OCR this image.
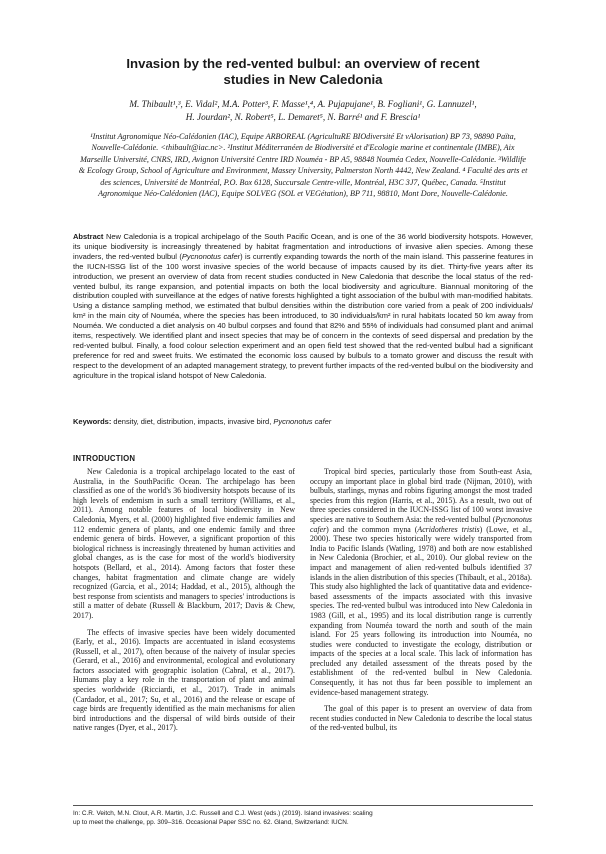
Invasion by the red-vented bulbul: an overview of recent
studies in New Caledonia
M. Thibault¹,³, E. Vidal², M.A. Potter³, F. Masse¹,⁴, A. Pujapujane¹, B. Fogliani¹, G. Lannuzel¹,
H. Jourdan², N. Robert⁵, L. Demaret⁵, N. Barré¹ and F. Brescia¹
¹Institut Agronomique Néo-Calédonien (IAC), Equipe ARBOREAL (AgricultuRE BIOdiversité Et vAlorisation) BP 73, 98890 Païta, Nouvelle-Calédonie. <thibault@iac.nc>. ²Institut Méditerranéen de Biodiversité et d'Ecologie marine et continentale (IMBE), Aix Marseille Université, CNRS, IRD, Avignon Université Centre IRD Nouméa - BP A5, 98848 Nouméa Cedex, Nouvelle-Calédonie. ³Wildlife & Ecology Group, School of Agriculture and Environment, Massey University, Palmerston North 4442, New Zealand. ⁴ Faculté des arts et des sciences, Université de Montréal, P.O. Box 6128, Succursale Centre-ville, Montréal, H3C 3J7, Québec, Canada. ⁵Institut Agronomique Néo-Calédonien (IAC), Equipe SOLVEG (SOL et VEGétation), BP 711, 98810, Mont Dore, Nouvelle-Calédonie.
Abstract New Caledonia is a tropical archipelago of the South Pacific Ocean, and is one of the 36 world biodiversity hotspots. However, its unique biodiversity is increasingly threatened by habitat fragmentation and introductions of invasive alien species. Among these invaders, the red-vented bulbul (Pycnonotus cafer) is currently expanding towards the north of the main island. This passerine features in the IUCN-ISSG list of the 100 worst invasive species of the world because of impacts caused by its diet. Thirty-five years after its introduction, we present an overview of data from recent studies conducted in New Caledonia that describe the local status of the red-vented bulbul, its range expansion, and potential impacts on both the local biodiversity and agriculture. Biannual monitoring of the distribution coupled with surveillance at the edges of native forests highlighted a tight association of the bulbul with man-modified habitats. Using a distance sampling method, we estimated that bulbul densities within the distribution core varied from a peak of 200 individuals/ km² in the main city of Nouméa, where the species has been introduced, to 30 individuals/km² in rural habitats located 50 km away from Nouméa. We conducted a diet analysis on 40 bulbul corpses and found that 82% and 55% of individuals had consumed plant and animal items, respectively. We identified plant and insect species that may be of concern in the contexts of seed dispersal and predation by the red-vented bulbul. Finally, a food colour selection experiment and an open field test showed that the red-vented bulbul had a significant preference for red and sweet fruits. We estimated the economic loss caused by bulbuls to a tomato grower and discuss the result with respect to the development of an adapted management strategy, to prevent further impacts of the red-vented bulbul on the biodiversity and agriculture in the tropical island hotspot of New Caledonia.
Keywords: density, diet, distribution, impacts, invasive bird, Pycnonotus cafer
INTRODUCTION

New Caledonia is a tropical archipelago located to the east of Australia, in the SouthPacific Ocean. The archipelago has been classified as one of the world's 36 biodiversity hotspots because of its high levels of endemism in such a small territory (Williams, et al., 2011). Among notable features of local biodiversity in New Caledonia, Myers, et al. (2000) highlighted five endemic families and 112 endemic genera of plants, and one endemic family and three endemic genera of birds. However, a significant proportion of this biological richness is increasingly threatened by human activities and global changes, as is the case for most of the world's biodiversity hotspots (Bellard, et al., 2014). Among factors that foster these changes, habitat fragmentation and climate change are widely recognized (Garcia, et al., 2014; Haddad, et al., 2015), although the best response from scientists and managers to species' introductions is still a matter of debate (Russell & Blackburn, 2017; Davis & Chew, 2017).

The effects of invasive species have been widely documented (Early, et al., 2016). Impacts are accentuated in island ecosystems (Russell, et al., 2017), often because of the naivety of insular species (Gerard, et al., 2016) and environmental, ecological and evolutionary factors associated with geographic isolation (Cabral, et al., 2017). Humans play a key role in the transportation of plant and animal species worldwide (Ricciardi, et al., 2017). Trade in animals (Cardador, et al., 2017; Su, et al., 2016) and the release or escape of cage birds are frequently identified as the main mechanisms for alien bird introductions and the dispersal of wild birds outside of their native ranges (Dyer, et al., 2017).

Tropical bird species, particularly those from South-east Asia, occupy an important place in global bird trade (Nijman, 2010), with bulbuls, starlings, mynas and robins figuring amongst the most traded species from this region (Harris, et al., 2015). As a result, two out of three species considered in the IUCN-ISSG list of 100 worst invasive species are native to Southern Asia: the red-vented bulbul (Pycnonotus cafer) and the common myna (Acridotheres tristis) (Lowe, et al., 2000). These two species historically were widely transported from India to Pacific Islands (Watling, 1978) and both are now established in New Caledonia (Brochier, et al., 2010). Our global review on the impact and management of alien red-vented bulbuls identified 37 islands in the alien distribution of this species (Thibault, et al., 2018a). This study also highlighted the lack of quantitative data and evidence-based assessments of the impacts associated with this invasive species. The red-vented bulbul was introduced into New Caledonia in 1983 (Gill, et al., 1995) and its local distribution range is currently expanding from Nouméa toward the north and south of the main island. For 25 years following its introduction into Nouméa, no studies were conducted to investigate the ecology, distribution or impacts of the species at a local scale. This lack of information has precluded any detailed assessment of the threats posed by the establishment of the red-vented bulbul in New Caledonia. Consequently, it has not thus far been possible to implement an evidence-based management strategy.

The goal of this paper is to present an overview of data from recent studies conducted in New Caledonia to describe the local status of the red-vented bulbul, its

In: C.R. Veitch, M.N. Clout, A.R. Martin, J.C. Russell and C.J. West (eds.) (2019). Island invasives: scaling
up to meet the challenge, pp. 309–316. Occasional Paper SSC no. 62. Gland, Switzerland: IUCN.
